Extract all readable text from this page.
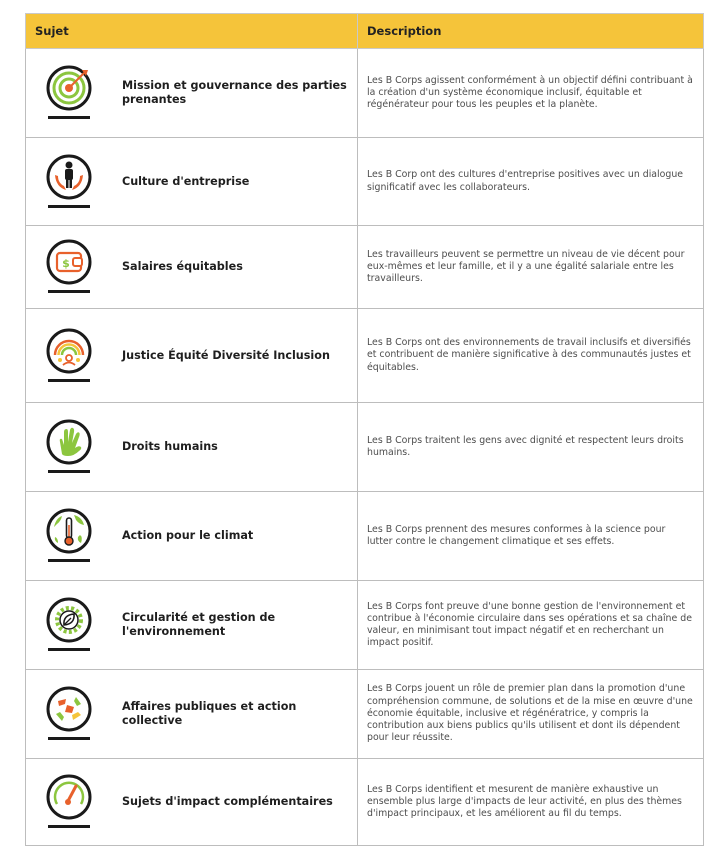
Sujet	Description

Mission et gouvernance des parties prenantes	Les B Corps agissent conformément à un objectif défini contribuant à la création d'un système économique inclusif, équitable et régénérateur pour tous les peuples et la planète.

Culture d'entreprise	Les B Corp ont des cultures d'entreprise positives avec un dialogue significatif avec les collaborateurs.

$ Salaires équitables	Les travailleurs peuvent se permettre un niveau de vie décent pour eux-mêmes et leur famille, et il y a une égalité salariale entre les travailleurs.

Justice Équité Diversité Inclusion	Les B Corps ont des environnements de travail inclusifs et diversifiés et contribuent de manière significative à des communautés justes et équitables.

Droits humains	Les B Corps traitent les gens avec dignité et respectent leurs droits humains.

Action pour le climat	Les B Corps prennent des mesures conformes à la science pour lutter contre le changement climatique et ses effets.

Circularité et gestion de l'environnement	Les B Corps font preuve d'une bonne gestion de l'environnement et contribue à l'économie circulaire dans ses opérations et sa chaîne de valeur, en minimisant tout impact négatif et en recherchant un impact positif.

Affaires publiques et action collective	Les B Corps jouent un rôle de premier plan dans la promotion d'une compréhension commune, de solutions et de la mise en œuvre d'une économie équitable, inclusive et régénératrice, y compris la contribution aux biens publics qu'ils utilisent et dont ils dépendent pour leur réussite.

Sujets d'impact complémentaires	Les B Corps identifient et mesurent de manière exhaustive un ensemble plus large d'impacts de leur activité, en plus des thèmes d'impact principaux, et les améliorent au fil du temps.
